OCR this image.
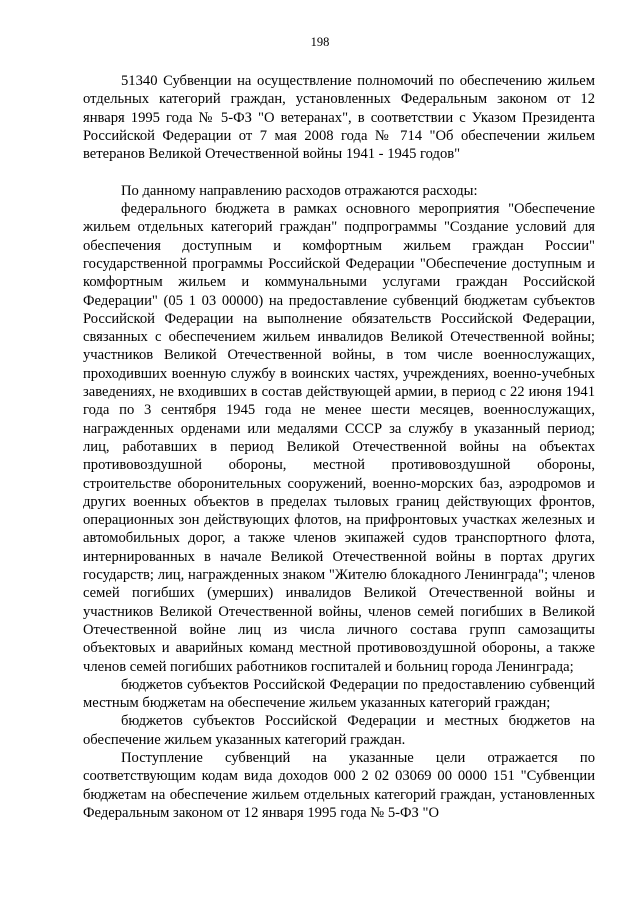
198

51340 Субвенции на осуществление полномочий по обеспечению жильем отдельных категорий граждан, установленных Федеральным законом от 12 января 1995 года № 5-ФЗ "О ветеранах", в соответствии с Указом Президента Российской Федерации от 7 мая 2008 года № 714 "Об обеспечении жильем ветеранов Великой Отечественной войны 1941 - 1945 годов"

По данному направлению расходов отражаются расходы:

федерального бюджета в рамках основного мероприятия "Обеспечение жильем отдельных категорий граждан" подпрограммы "Создание условий для обеспечения доступным и комфортным жильем граждан России" государственной программы Российской Федерации "Обеспечение доступным и комфортным жильем и коммунальными услугами граждан Российской Федерации" (05 1 03 00000) на предоставление субвенций бюджетам субъектов Российской Федерации на выполнение обязательств Российской Федерации, связанных с обеспечением жильем инвалидов Великой Отечественной войны; участников Великой Отечественной войны, в том числе военнослужащих, проходивших военную службу в воинских частях, учреждениях, военно-учебных заведениях, не входивших в состав действующей армии, в период с 22 июня 1941 года по 3 сентября 1945 года не менее шести месяцев, военнослужащих, награжденных орденами или медалями СССР за службу в указанный период; лиц, работавших в период Великой Отечественной войны на объектах противовоздушной обороны, местной противовоздушной обороны, строительстве оборонительных сооружений, военно-морских баз, аэродромов и других военных объектов в пределах тыловых границ действующих фронтов, операционных зон действующих флотов, на прифронтовых участках железных и автомобильных дорог, а также членов экипажей судов транспортного флота, интернированных в начале Великой Отечественной войны в портах других государств; лиц, награжденных знаком "Жителю блокадного Ленинграда"; членов семей погибших (умерших) инвалидов Великой Отечественной войны и участников Великой Отечественной войны, членов семей погибших в Великой Отечественной войне лиц из числа личного состава групп самозащиты объектовых и аварийных команд местной противовоздушной обороны, а также членов семей погибших работников госпиталей и больниц города Ленинграда;

бюджетов субъектов Российской Федерации по предоставлению субвенций местным бюджетам на обеспечение жильем указанных категорий граждан;

бюджетов субъектов Российской Федерации и местных бюджетов на обеспечение жильем указанных категорий граждан.

Поступление субвенций на указанные цели отражается по соответствующим кодам вида доходов 000 2 02 03069 00 0000 151 "Субвенции бюджетам на обеспечение жильем отдельных категорий граждан, установленных Федеральным законом от 12 января 1995 года № 5-ФЗ "О
